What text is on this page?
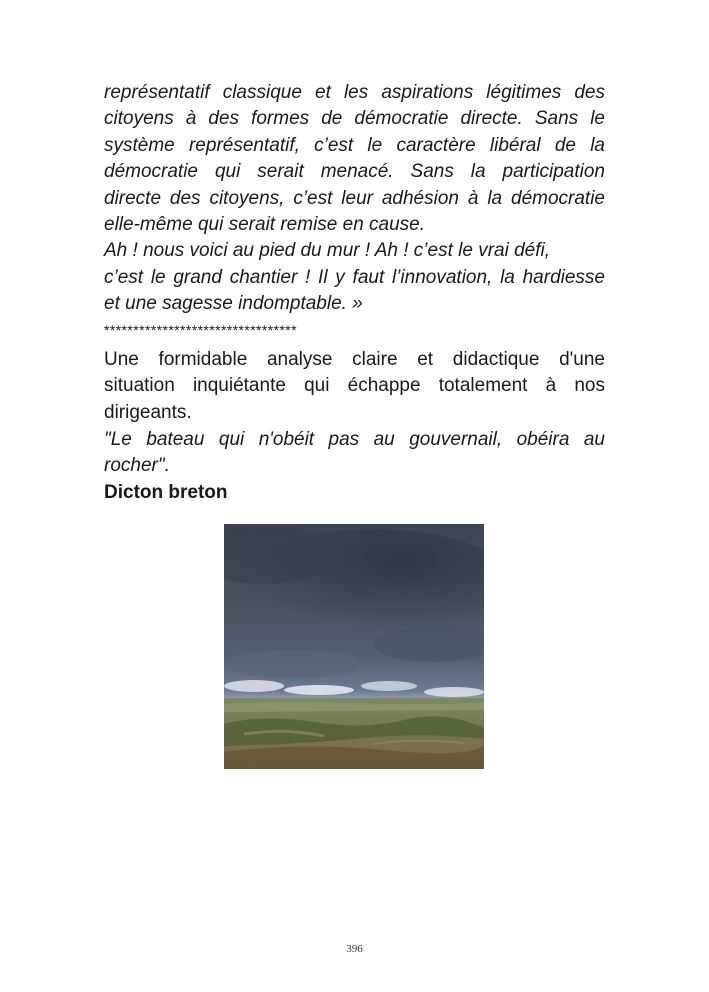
représentatif classique et les aspirations légitimes des
citoyens à des formes de démocratie directe. Sans le
système représentatif, c’est le caractère libéral de la
démocratie qui serait menacé. Sans la participation
directe des citoyens, c’est leur adhésion à la démocratie
elle-même qui serait remise en cause.
Ah ! nous voici au pied du mur ! Ah ! c’est le vrai défi,
c’est le grand chantier ! Il y faut l’innovation, la hardiesse
et une sagesse indomptable. »
*********************************
Une formidable analyse claire et didactique d'une
situation inquiétante qui échappe totalement à nos
dirigeants.
"Le bateau qui n'obéit pas au gouvernail, obéira au
rocher".
Dicton breton
396
